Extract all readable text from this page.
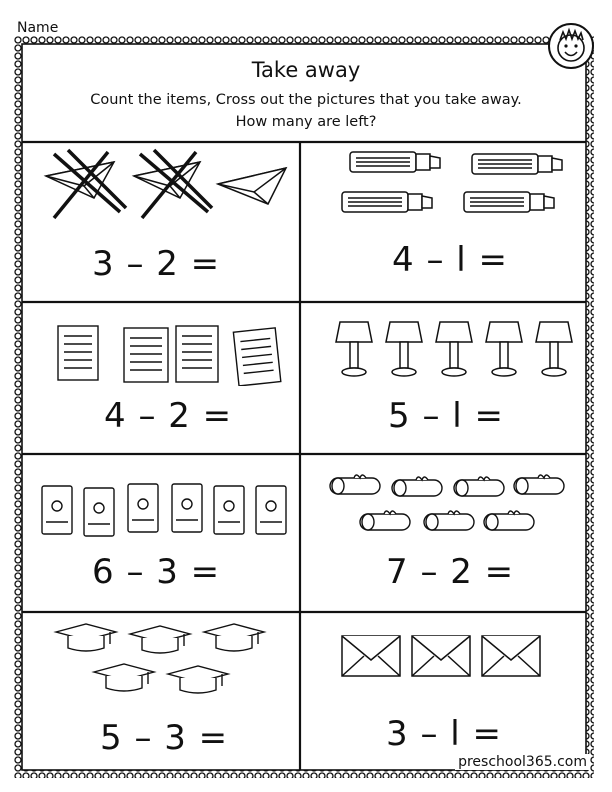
Name
Take away
Count the items, Cross out the pictures that you take away.
How many are left?
3 – 2 =	4 – l =
4 – 2 =	5 – l =
6 – 3 =	7 – 2 =
5 – 3 =	3 – l =
preschool365.com
